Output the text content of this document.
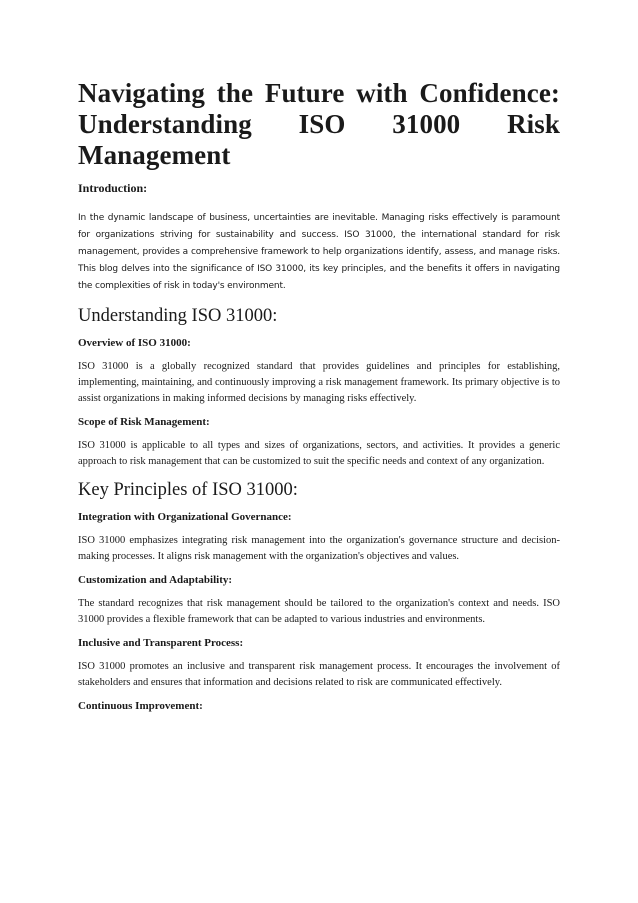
Navigating the Future with Confidence: Understanding ISO 31000 Risk Management
Introduction:

In the dynamic landscape of business, uncertainties are inevitable. Managing risks effectively is paramount for organizations striving for sustainability and success. ISO 31000, the international standard for risk management, provides a comprehensive framework to help organizations identify, assess, and manage risks. This blog delves into the significance of ISO 31000, its key principles, and the benefits it offers in navigating the complexities of risk in today's environment.

Understanding ISO 31000:
Overview of ISO 31000:

ISO 31000 is a globally recognized standard that provides guidelines and principles for establishing, implementing, maintaining, and continuously improving a risk management framework. Its primary objective is to assist organizations in making informed decisions by managing risks effectively.

Scope of Risk Management:

ISO 31000 is applicable to all types and sizes of organizations, sectors, and activities. It provides a generic approach to risk management that can be customized to suit the specific needs and context of any organization.

Key Principles of ISO 31000:
Integration with Organizational Governance:

ISO 31000 emphasizes integrating risk management into the organization's governance structure and decision-making processes. It aligns risk management with the organization's objectives and values.

Customization and Adaptability:

The standard recognizes that risk management should be tailored to the organization's context and needs. ISO 31000 provides a flexible framework that can be adapted to various industries and environments.

Inclusive and Transparent Process:

ISO 31000 promotes an inclusive and transparent risk management process. It encourages the involvement of stakeholders and ensures that information and decisions related to risk are communicated effectively.

Continuous Improvement:
